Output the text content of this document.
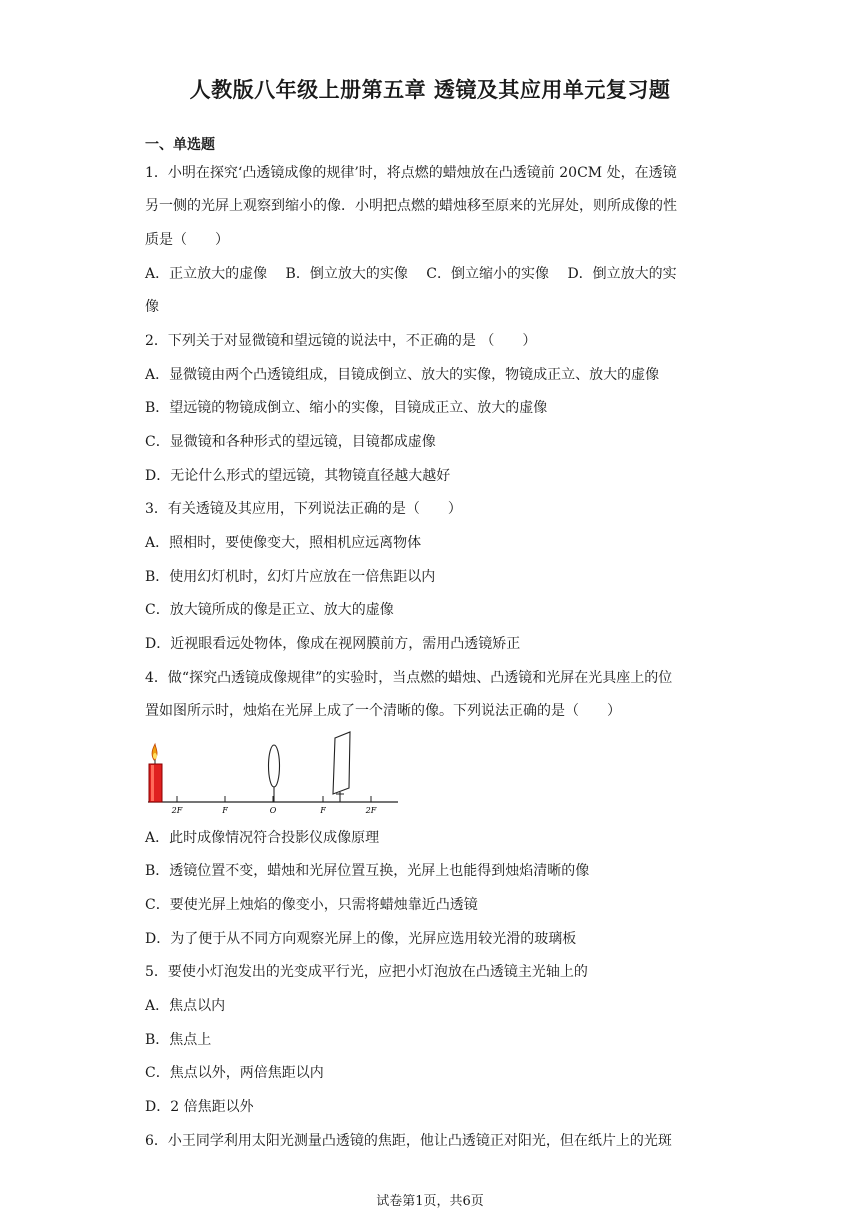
人教版八年级上册第五章 透镜及其应用单元复习题
一、单选题
1．小明在探究‘凸透镜成像的规律’时，将点燃的蜡烛放在凸透镜前 20CM 处，在透镜
另一侧的光屏上观察到缩小的像．小明把点燃的蜡烛移至原来的光屏处，则所成像的性
质是（　　）
A．正立放大的虚像　 B．倒立放大的实像　 C．倒立缩小的实像　 D．倒立放大的实
像
2．下列关于对显微镜和望远镜的说法中，不正确的是 （　　）
A．显微镜由两个凸透镜组成，目镜成倒立、放大的实像，物镜成正立、放大的虚像
B．望远镜的物镜成倒立、缩小的实像，目镜成正立、放大的虚像
C．显微镜和各种形式的望远镜，目镜都成虚像
D．无论什么形式的望远镜，其物镜直径越大越好
3．有关透镜及其应用，下列说法正确的是（　　）
A．照相时，要使像变大，照相机应远离物体
B．使用幻灯机时，幻灯片应放在一倍焦距以内
C．放大镜所成的像是正立、放大的虚像
D．近视眼看远处物体，像成在视网膜前方，需用凸透镜矫正
4．做“探究凸透镜成像规律”的实验时，当点燃的蜡烛、凸透镜和光屏在光具座上的位
置如图所示时，烛焰在光屏上成了一个清晰的像。下列说法正确的是（　　）
2F	F	O	F	2F
A．此时成像情况符合投影仪成像原理
B．透镜位置不变，蜡烛和光屏位置互换，光屏上也能得到烛焰清晰的像
C．要使光屏上烛焰的像变小，只需将蜡烛靠近凸透镜
D．为了便于从不同方向观察光屏上的像，光屏应选用较光滑的玻璃板
5．要使小灯泡发出的光变成平行光，应把小灯泡放在凸透镜主光轴上的
A．焦点以内
B．焦点上
C．焦点以外，两倍焦距以内
D．2 倍焦距以外
6．小王同学利用太阳光测量凸透镜的焦距，他让凸透镜正对阳光，但在纸片上的光斑
试卷第1页，共6页
